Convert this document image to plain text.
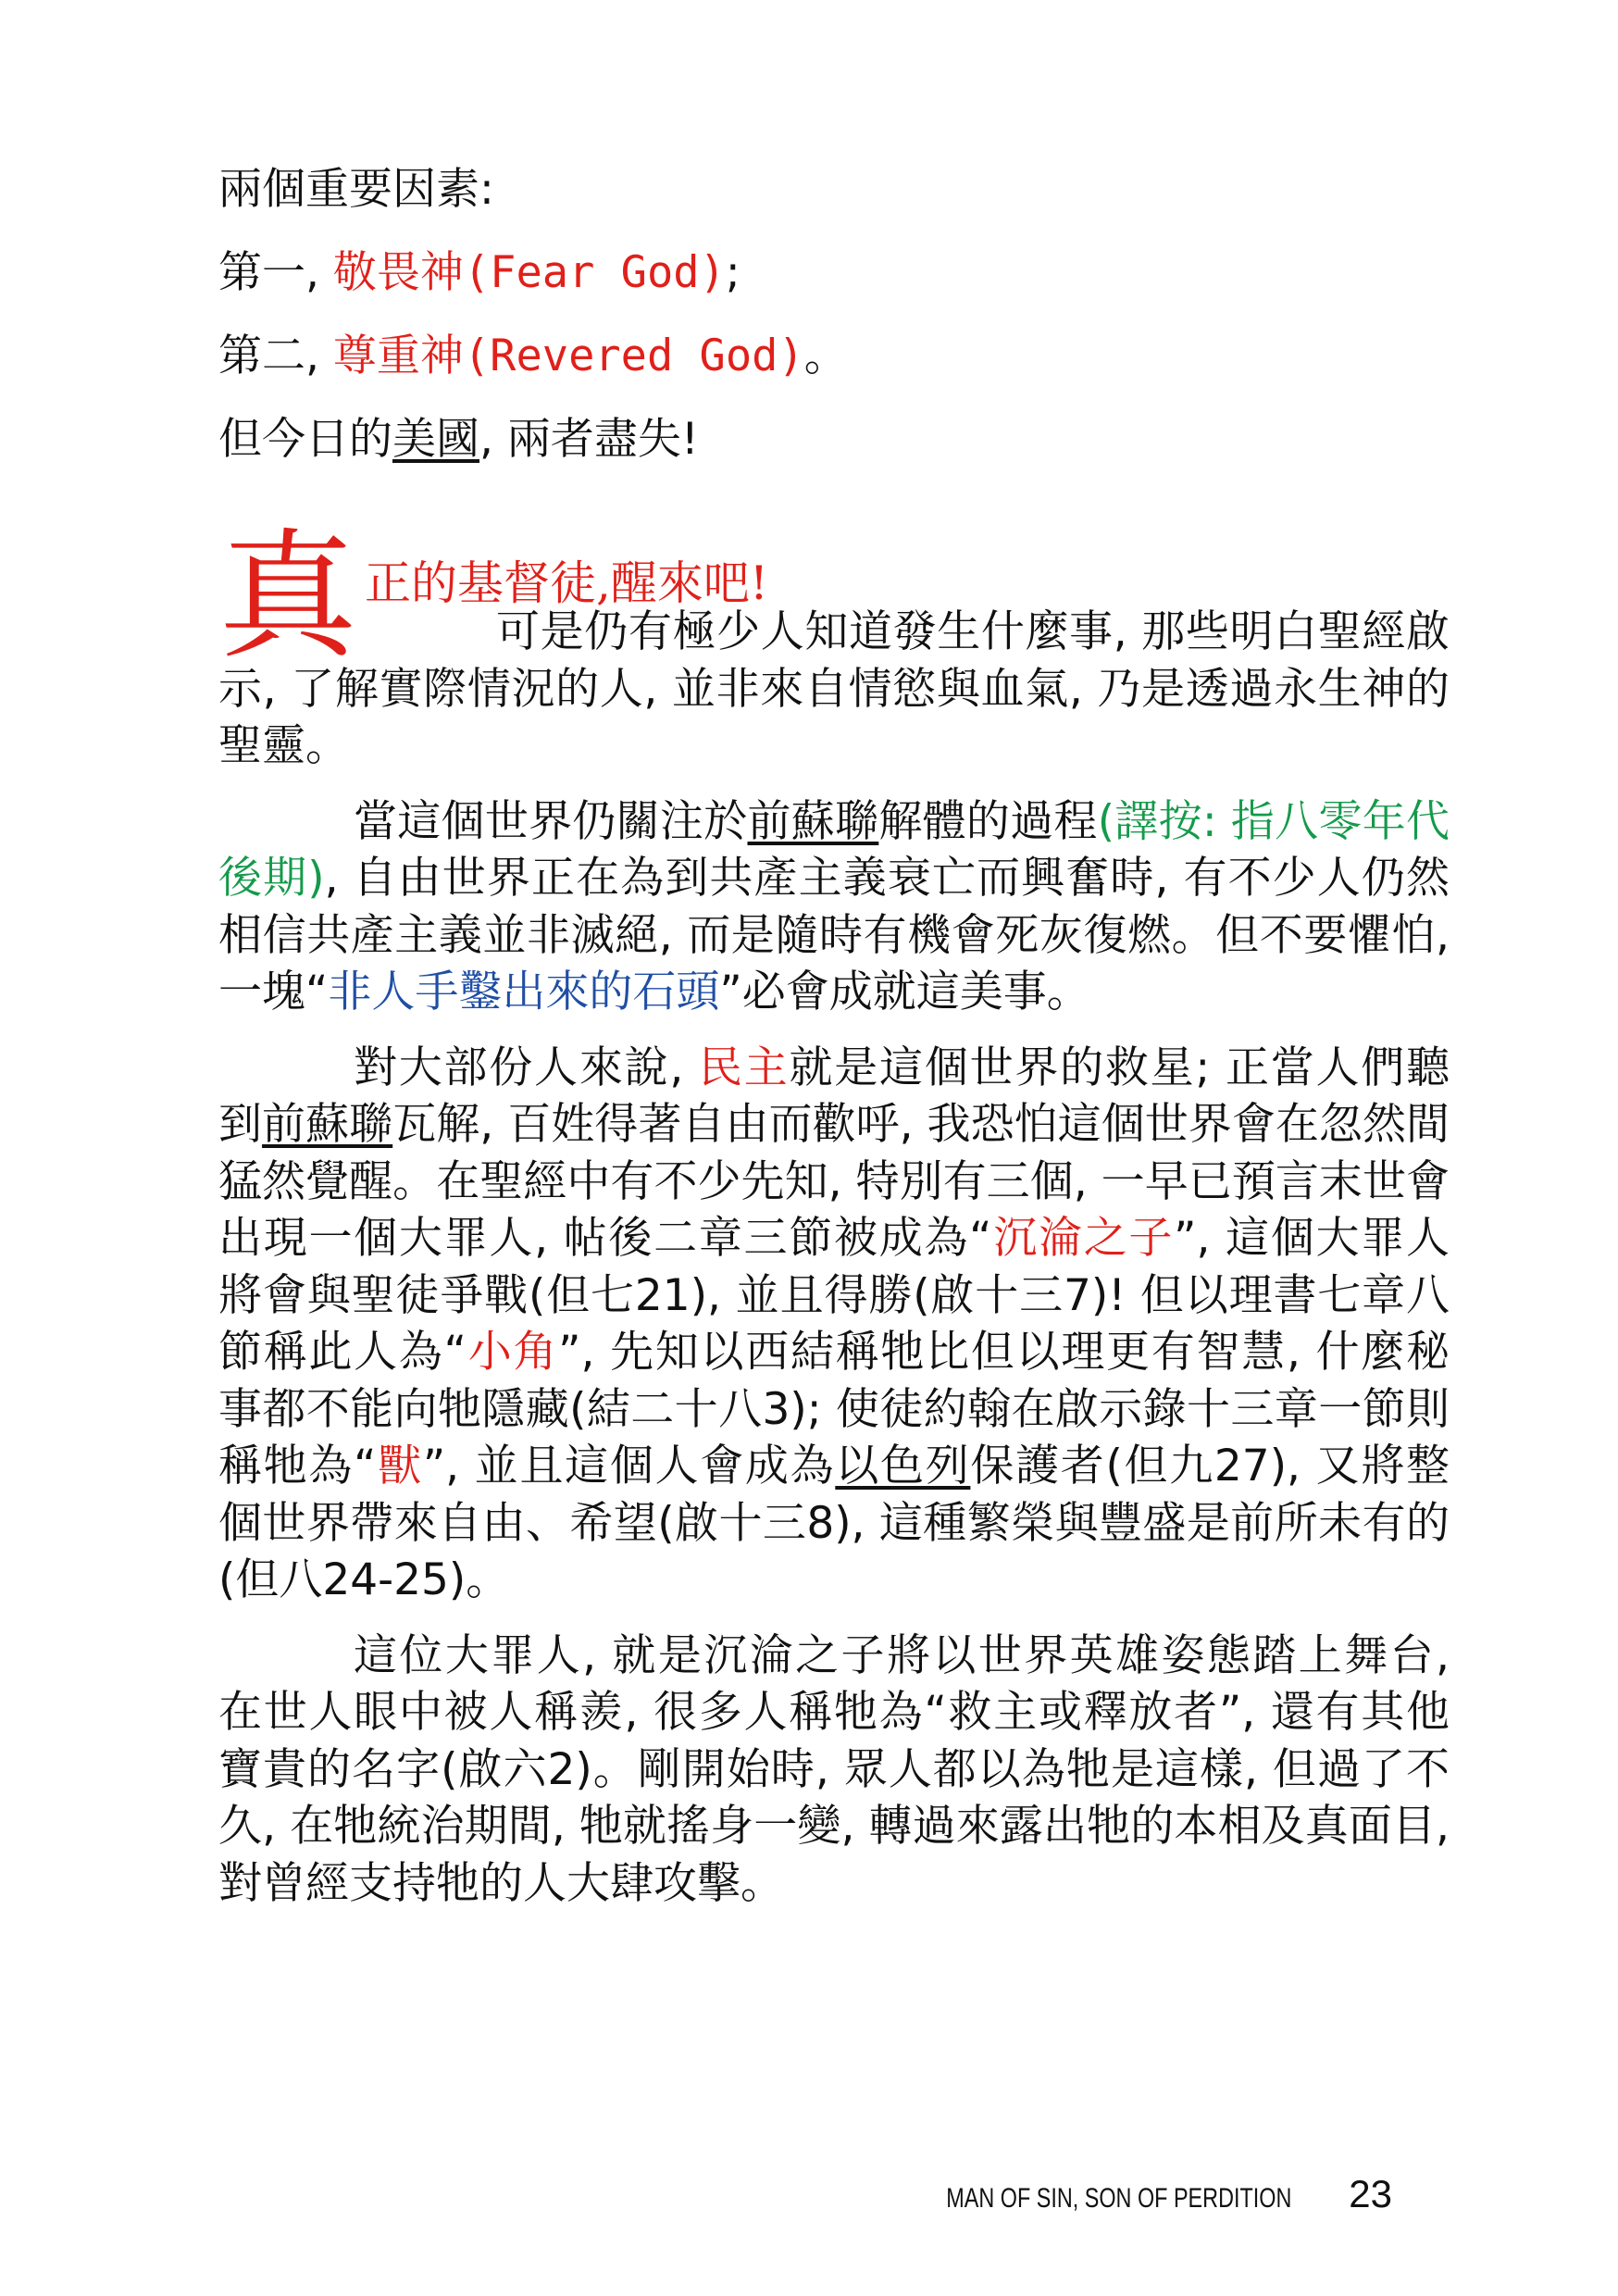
兩個重要因素:

第一, 敬畏神(Fear God);

第二, 尊重神(Revered God)。

但今日的美國, 兩者盡失!

真 正的基督徒,醒來吧!

可是仍有極少人知道發生什麼事, 那些明白聖經啟示, 了解實際情況的人, 並非來自情慾與血氣, 乃是透過永生神的聖靈。

當這個世界仍關注於前蘇聯解體的過程(譯按: 指八零年代後期), 自由世界正在為到共產主義衰亡而興奮時, 有不少人仍然相信共產主義並非滅絕, 而是隨時有機會死灰復燃。但不要懼怕, 一塊“非人手鑿出來的石頭”必會成就這美事。

對大部份人來說, 民主就是這個世界的救星; 正當人們聽到前蘇聯瓦解, 百姓得著自由而歡呼, 我恐怕這個世界會在忽然間猛然覺醒。在聖經中有不少先知, 特別有三個, 一早已預言末世會出現一個大罪人, 帖後二章三節被成為“沉淪之子”, 這個大罪人將會與聖徒爭戰(但七21), 並且得勝(啟十三7)! 但以理書七章八節稱此人為“小角”, 先知以西結稱牠比但以理更有智慧, 什麼秘事都不能向牠隱藏(結二十八3); 使徒約翰在啟示錄十三章一節則稱牠為“獸”, 並且這個人會成為以色列保護者(但九27), 又將整個世界帶來自由、希望(啟十三8), 這種繁榮與豐盛是前所未有的(但八24-25)。

這位大罪人, 就是沉淪之子將以世界英雄姿態踏上舞台, 在世人眼中被人稱羨, 很多人稱牠為“救主或釋放者”, 還有其他寶貴的名字(啟六2)。剛開始時, 眾人都以為牠是這樣, 但過了不久, 在牠統治期間, 牠就搖身一變, 轉過來露出牠的本相及真面目, 對曾經支持牠的人大肆攻擊。

MAN OF SIN, SON OF PERDITION 23
